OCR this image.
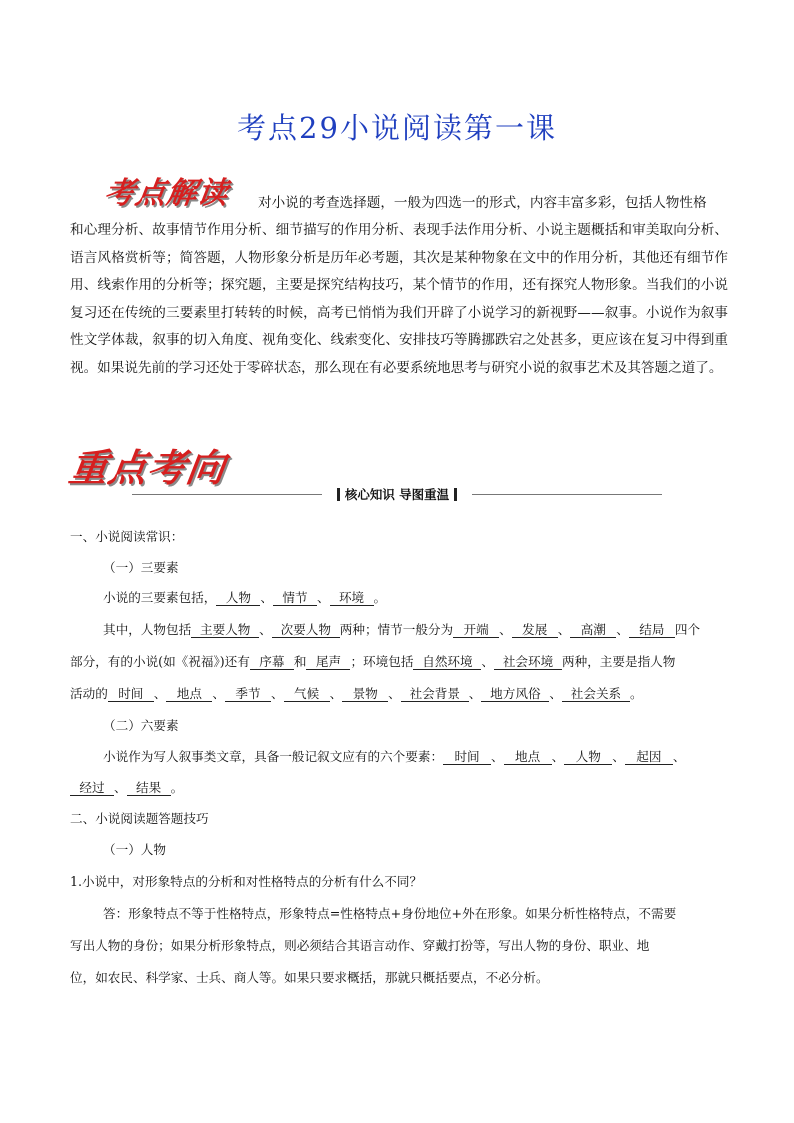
考点29小说阅读第一课
考点解读 对小说的考查选择题，一般为四选一的形式，内容丰富多彩，包括人物性格
和心理分析、故事情节作用分析、细节描写的作用分析、表现手法作用分析、小说主题概括和审美取向分析、语言风格赏析等；简答题，人物形象分析是历年必考题，其次是某种物象在文中的作用分析，其他还有细节作用、线索作用的分析等；探究题，主要是探究结构技巧，某个情节的作用，还有探究人物形象。当我们的小说复习还在传统的三要素里打转转的时候，高考已悄悄为我们开辟了小说学习的新视野——叙事。小说作为叙事性文学体裁，叙事的切入角度、视角变化、线索变化、安排技巧等腾挪跌宕之处甚多，更应该在复习中得到重视。如果说先前的学习还处于零碎状态，那么现在有必要系统地思考与研究小说的叙事艺术及其答题之道了。
重点考向
核心知识 导图重温
一、小说阅读常识：
（一）三要素
小说的三要素包括， 人物 、 情节 、 环境 。
其中，人物包括 主要人物 、 次要人物 两种；情节一般分为 开端 、 发展 、 高潮 、 结局 四个
部分，有的小说(如《祝福》)还有 序幕 和 尾声 ；环境包括 自然环境 、 社会环境 两种，主要是指人物
活动的 时间 、 地点 、 季节 、 气候 、 景物 、 社会背景 、 地方风俗 、 社会关系 。
（二）六要素
小说作为写人叙事类文章，具备一般记叙文应有的六个要素： 时间 、 地点 、 人物 、 起因 、
经过 、 结果 。
二、小说阅读题答题技巧
（一）人物
1.小说中，对形象特点的分析和对性格特点的分析有什么不同？
答：形象特点不等于性格特点，形象特点=性格特点+身份地位+外在形象。如果分析性格特点，不需要
写出人物的身份；如果分析形象特点，则必须结合其语言动作、穿戴打扮等，写出人物的身份、职业、地
位，如农民、科学家、士兵、商人等。如果只要求概括，那就只概括要点，不必分析。
